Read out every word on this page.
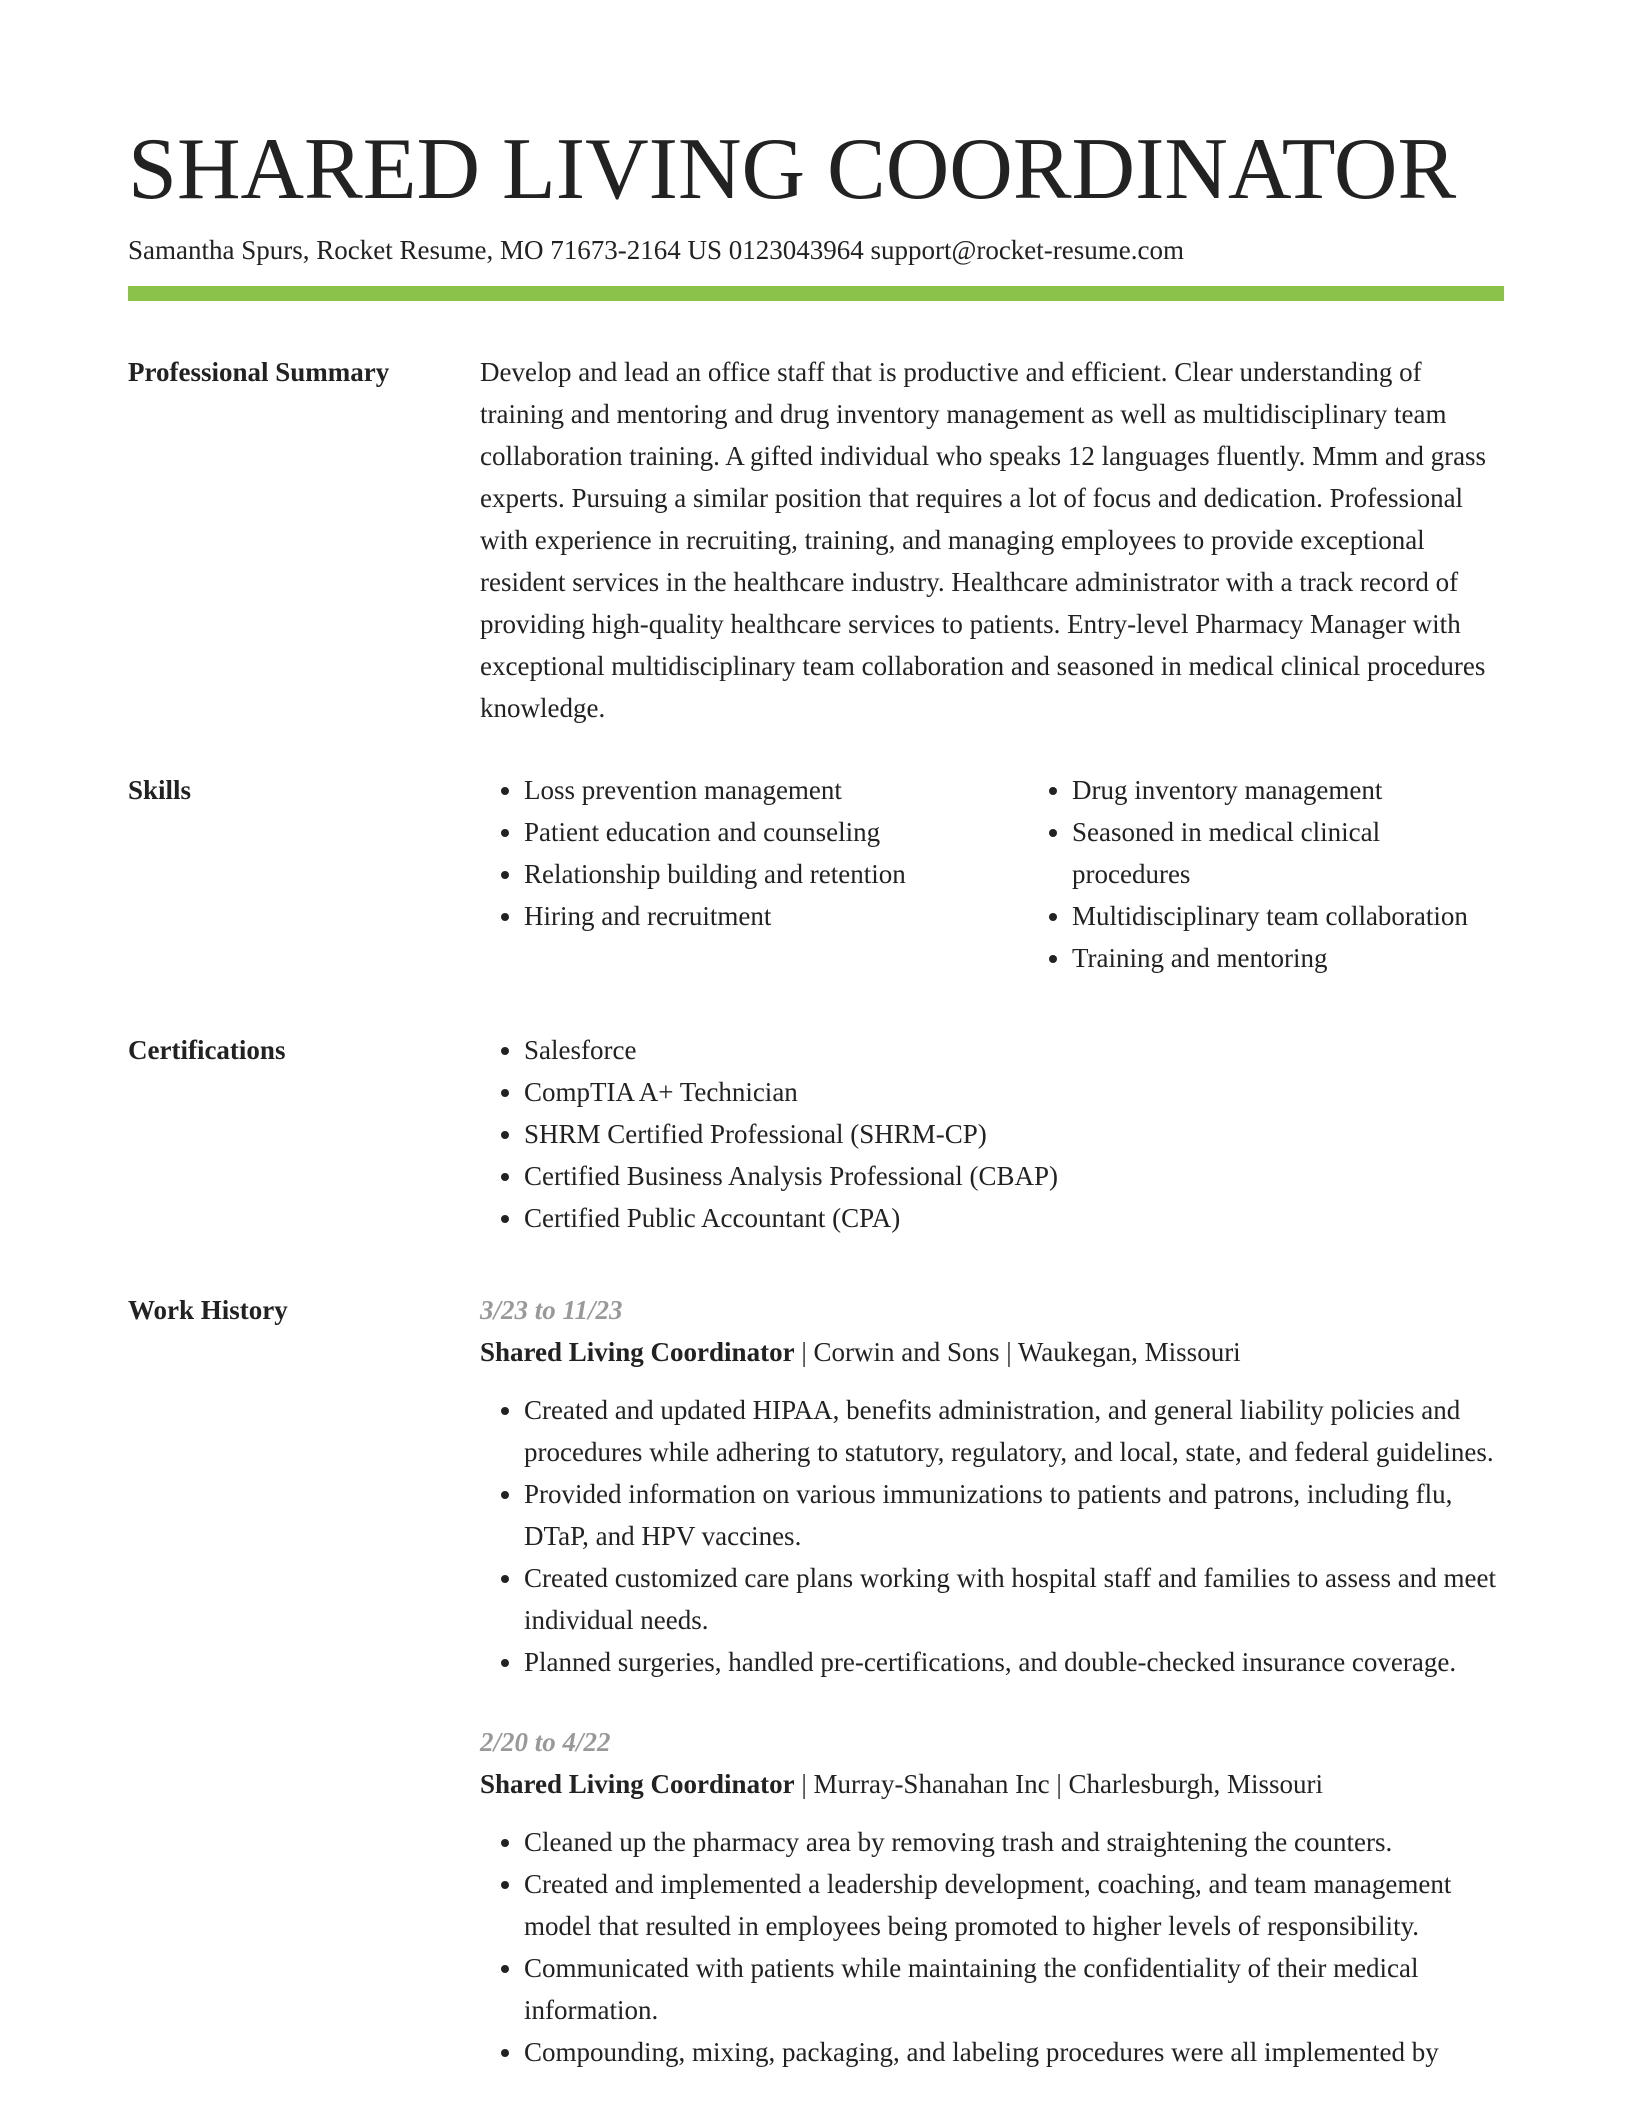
SHARED LIVING COORDINATOR
Samantha Spurs, Rocket Resume, MO 71673-2164 US 0123043964 support@rocket-resume.com
Professional Summary	Develop and lead an office staff that is productive and efficient. Clear understanding of training and mentoring and drug inventory management as well as multidisciplinary team collaboration training. A gifted individual who speaks 12 languages fluently. Mmm and grass experts. Pursuing a similar position that requires a lot of focus and dedication. Professional with experience in recruiting, training, and managing employees to provide exceptional resident services in the healthcare industry. Healthcare administrator with a track record of providing high-quality healthcare services to patients. Entry-level Pharmacy Manager with exceptional multidisciplinary team collaboration and seasoned in medical clinical procedures knowledge.

Skills	• Loss prevention management
• Patient education and counseling
• Relationship building and retention
• Hiring and recruitment
• Drug inventory management
• Seasoned in medical clinical procedures
• Multidisciplinary team collaboration
• Training and mentoring
Certifications	• Salesforce
• CompTIA A+ Technician
• SHRM Certified Professional (SHRM-CP)
• Certified Business Analysis Professional (CBAP)
• Certified Public Accountant (CPA)
Work History	3/23 to 11/23
Shared Living Coordinator | Corwin and Sons | Waukegan, Missouri
• Created and updated HIPAA, benefits administration, and general liability policies and procedures while adhering to statutory, regulatory, and local, state, and federal guidelines.
• Provided information on various immunizations to patients and patrons, including flu, DTaP, and HPV vaccines.
• Created customized care plans working with hospital staff and families to assess and meet individual needs.
• Planned surgeries, handled pre-certifications, and double-checked insurance coverage.
2/20 to 4/22
Shared Living Coordinator | Murray-Shanahan Inc | Charlesburgh, Missouri
• Cleaned up the pharmacy area by removing trash and straightening the counters.
• Created and implemented a leadership development, coaching, and team management model that resulted in employees being promoted to higher levels of responsibility.
• Communicated with patients while maintaining the confidentiality of their medical information.
• Compounding, mixing, packaging, and labeling procedures were all implemented by
